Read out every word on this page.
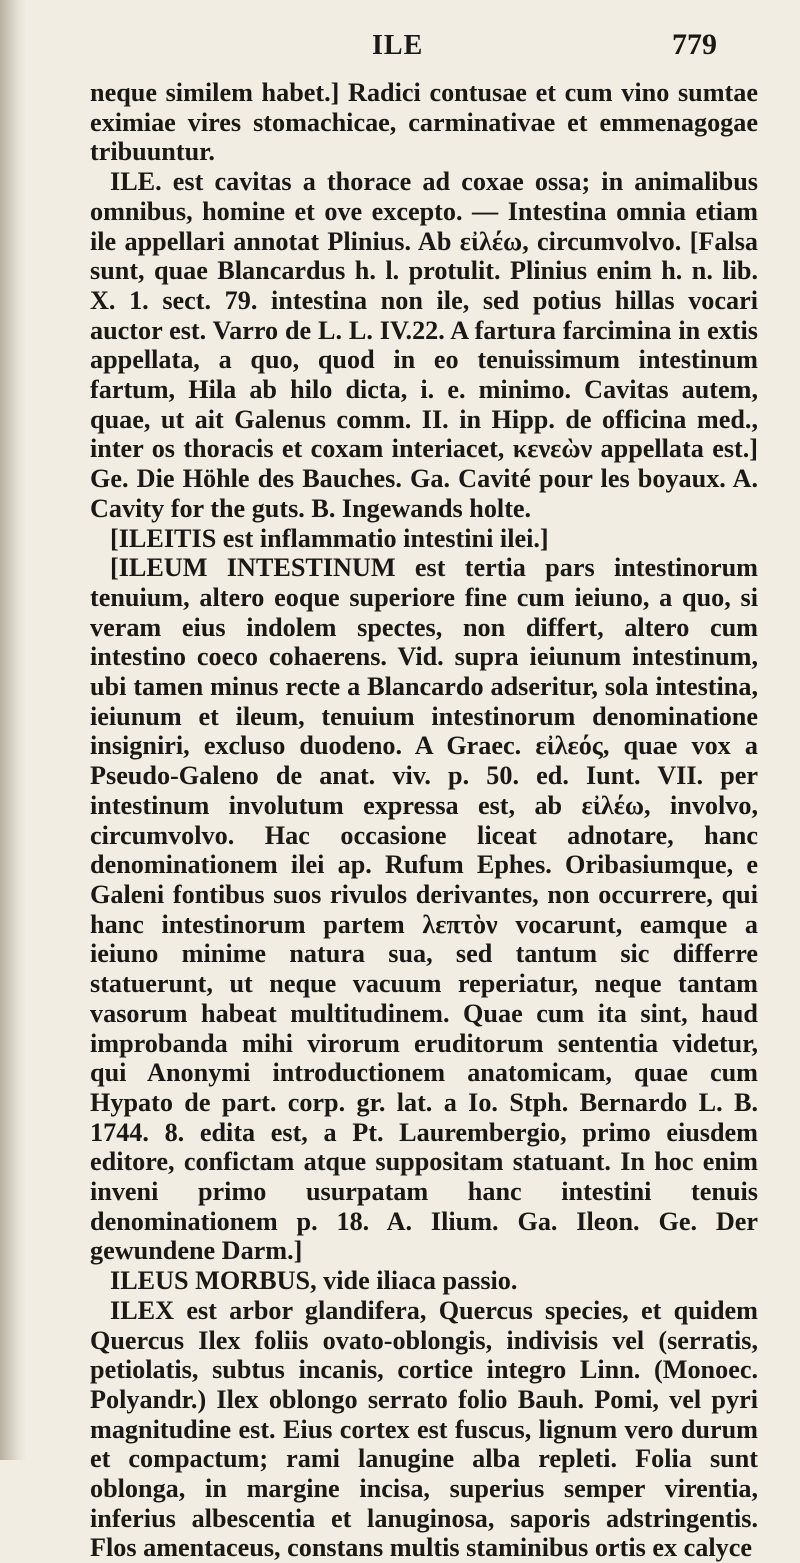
ILE	779

neque similem habet.] Radici contusae et cum vino sumtae eximiae vires stomachicae, carminativae et emmenagogae tribuuntur.

ILE. est cavitas a thorace ad coxae ossa; in animalibus omnibus, homine et ove excepto. — Intestina omnia etiam ile appellari annotat Plinius. Ab εἰλέω, circumvolvo. [Falsa sunt, quae Blancardus h. l. protulit. Plinius enim h. n. lib. X. 1. sect. 79. intestina non ile, sed potius hillas vocari auctor est. Varro de L. L. IV.22. A fartura farcimina in extis appellata, a quo, quod in eo tenuissimum intestinum fartum, Hila ab hilo dicta, i. e. minimo. Cavitas autem, quae, ut ait Galenus comm. II. in Hipp. de officina med., inter os thoracis et coxam interiacet, κενεὼν appellata est.] Ge. Die Höhle des Bauches. Ga. Cavité pour les boyaux. A. Cavity for the guts. B. Ingewands holte.

[ILEITIS est inflammatio intestini ilei.]

[ILEUM INTESTINUM est tertia pars intestinorum tenuium, altero eoque superiore fine cum ieiuno, a quo, si veram eius indolem spectes, non differt, altero cum intestino coeco cohaerens. Vid. supra ieiunum intestinum, ubi tamen minus recte a Blancardo adseritur, sola intestina, ieiunum et ileum, tenuium intestinorum denominatione insigniri, excluso duodeno. A Graec. εἰλεός, quae vox a Pseudo-Galeno de anat. viv. p. 50. ed. Iunt. VII. per intestinum involutum expressa est, ab εἰλέω, involvo, circumvolvo. Hac occasione liceat adnotare, hanc denominationem ilei ap. Rufum Ephes. Oribasiumque, e Galeni fontibus suos rivulos derivantes, non occurrere, qui hanc intestinorum partem λεπτὸν vocarunt, eamque a ieiuno minime natura sua, sed tantum sic differre statuerunt, ut neque vacuum reperiatur, neque tantam vasorum habeat multitudinem. Quae cum ita sint, haud improbanda mihi virorum eruditorum sententia videtur, qui Anonymi introductionem anatomicam, quae cum Hypato de part. corp. gr. lat. a Io. Stph. Bernardo L. B. 1744. 8. edita est, a Pt. Laurembergio, primo eiusdem editore, confictam atque suppositam statuant. In hoc enim inveni primo usurpatam hanc intestini tenuis denominationem p. 18. A. Ilium. Ga. Ileon. Ge. Der gewundene Darm.]

ILEUS MORBUS, vide iliaca passio.

ILEX est arbor glandifera, Quercus species, et quidem Quercus Ilex foliis ovato-oblongis, indivisis vel (serratis, petiolatis, subtus incanis, cortice integro Linn. (Monoec. Polyandr.) Ilex oblongo serrato folio Bauh. Pomi, vel pyri magnitudine est. Eius cortex est fuscus, lignum vero durum et compactum; rami lanugine alba repleti. Folia sunt oblonga, in margine incisa, superius semper virentia, inferius albescentia et lanuginosa, saporis adstringentis. Flos amentaceus, constans multis staminibus ortis ex calyce
